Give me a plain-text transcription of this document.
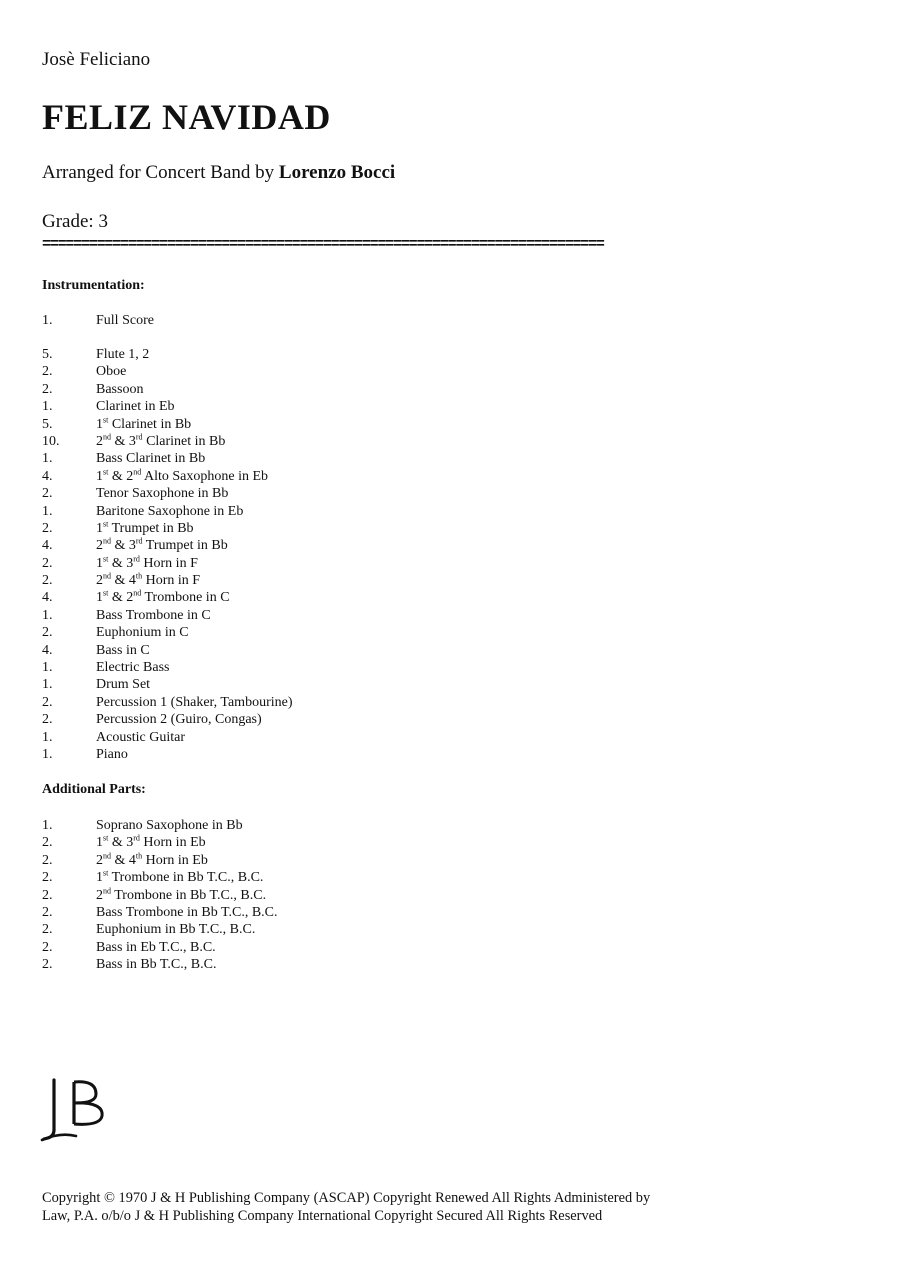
Josè Feliciano
FELIZ NAVIDAD
Arranged for Concert Band by Lorenzo Bocci
Grade: 3
========================================================================
Instrumentation:
1.	Full Score
5.	Flute 1, 2
2.	Oboe
2.	Bassoon
1.	Clarinet in Eb
5.	1st Clarinet in Bb
10.	2nd & 3rd Clarinet in Bb
1.	Bass Clarinet in Bb
4.	1st & 2nd Alto Saxophone in Eb
2.	Tenor Saxophone in Bb
1.	Baritone Saxophone in Eb
2.	1st Trumpet in Bb
4.	2nd & 3rd Trumpet in Bb
2.	1st & 3rd Horn in F
2.	2nd & 4th Horn in F
4.	1st & 2nd Trombone in C
1.	Bass Trombone in C
2.	Euphonium in C
4.	Bass in C
1.	Electric Bass
1.	Drum Set
2.	Percussion 1 (Shaker, Tambourine)
2.	Percussion 2 (Guiro, Congas)
1.	Acoustic Guitar
1.	Piano
Additional Parts:
1.	Soprano Saxophone in Bb
2.	1st & 3rd Horn in Eb
2.	2nd & 4th Horn in Eb
2.	1st Trombone in Bb T.C., B.C.
2.	2nd Trombone in Bb T.C., B.C.
2.	Bass Trombone in Bb T.C., B.C.
2.	Euphonium in Bb T.C., B.C.
2.	Bass in Eb T.C., B.C.
2.	Bass in Bb T.C., B.C.
Copyright © 1970 J & H Publishing Company (ASCAP) Copyright Renewed All Rights Administered by
Law, P.A. o/b/o J & H Publishing Company International Copyright Secured All Rights Reserved
